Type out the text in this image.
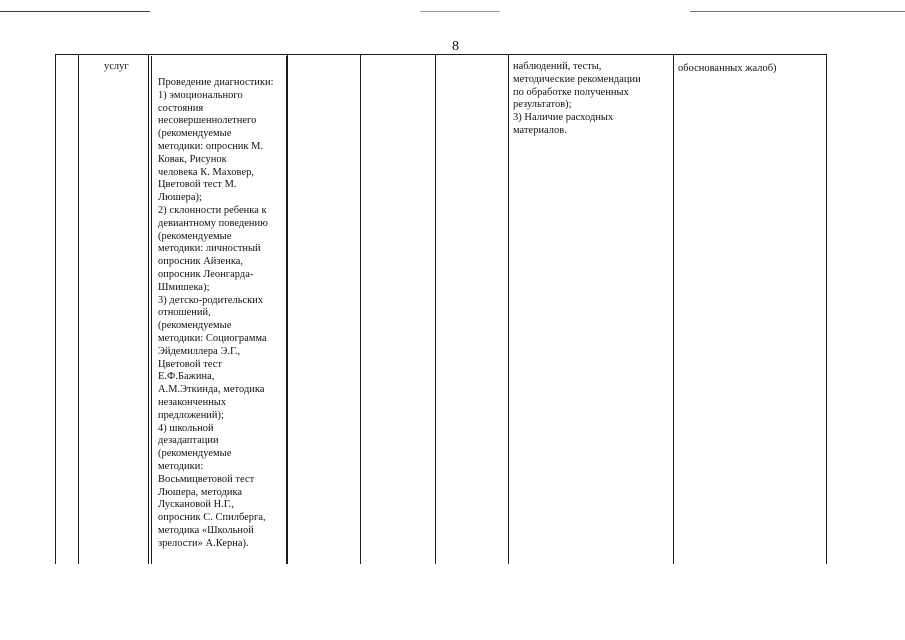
8
услуг
Проведение диагностики:
1) эмоционального
состояния
несовершеннолетнего
(рекомендуемые
методики: опросник М.
Ковак, Рисунок
человека К. Маховер,
Цветовой тест М.
Люшера);
2) склонности ребенка к
девиантному поведению
(рекомендуемые
методики: личностный
опросник Айзенка,
опросник Леонгарда-
Шмишека);
3) детско-родительских
отношений,
(рекомендуемые
методики: Социограмма
Эйдемиллера Э.Г.,
Цветовой тест
Е.Ф.Бажина,
А.М.Эткинда, методика
незаконченных
предложений);
4) школьной
дезадаптации
(рекомендуемые
методики:
Восьмицветовой тест
Люшера, методика
Лускановой Н.Г.,
опросник С. Спилберга,
методика «Школьной
зрелости» А.Керна).
наблюдений, тесты,
методические рекомендации
по обработке полученных
результатов);
3) Наличие расходных
материалов.
обоснованных жалоб)
